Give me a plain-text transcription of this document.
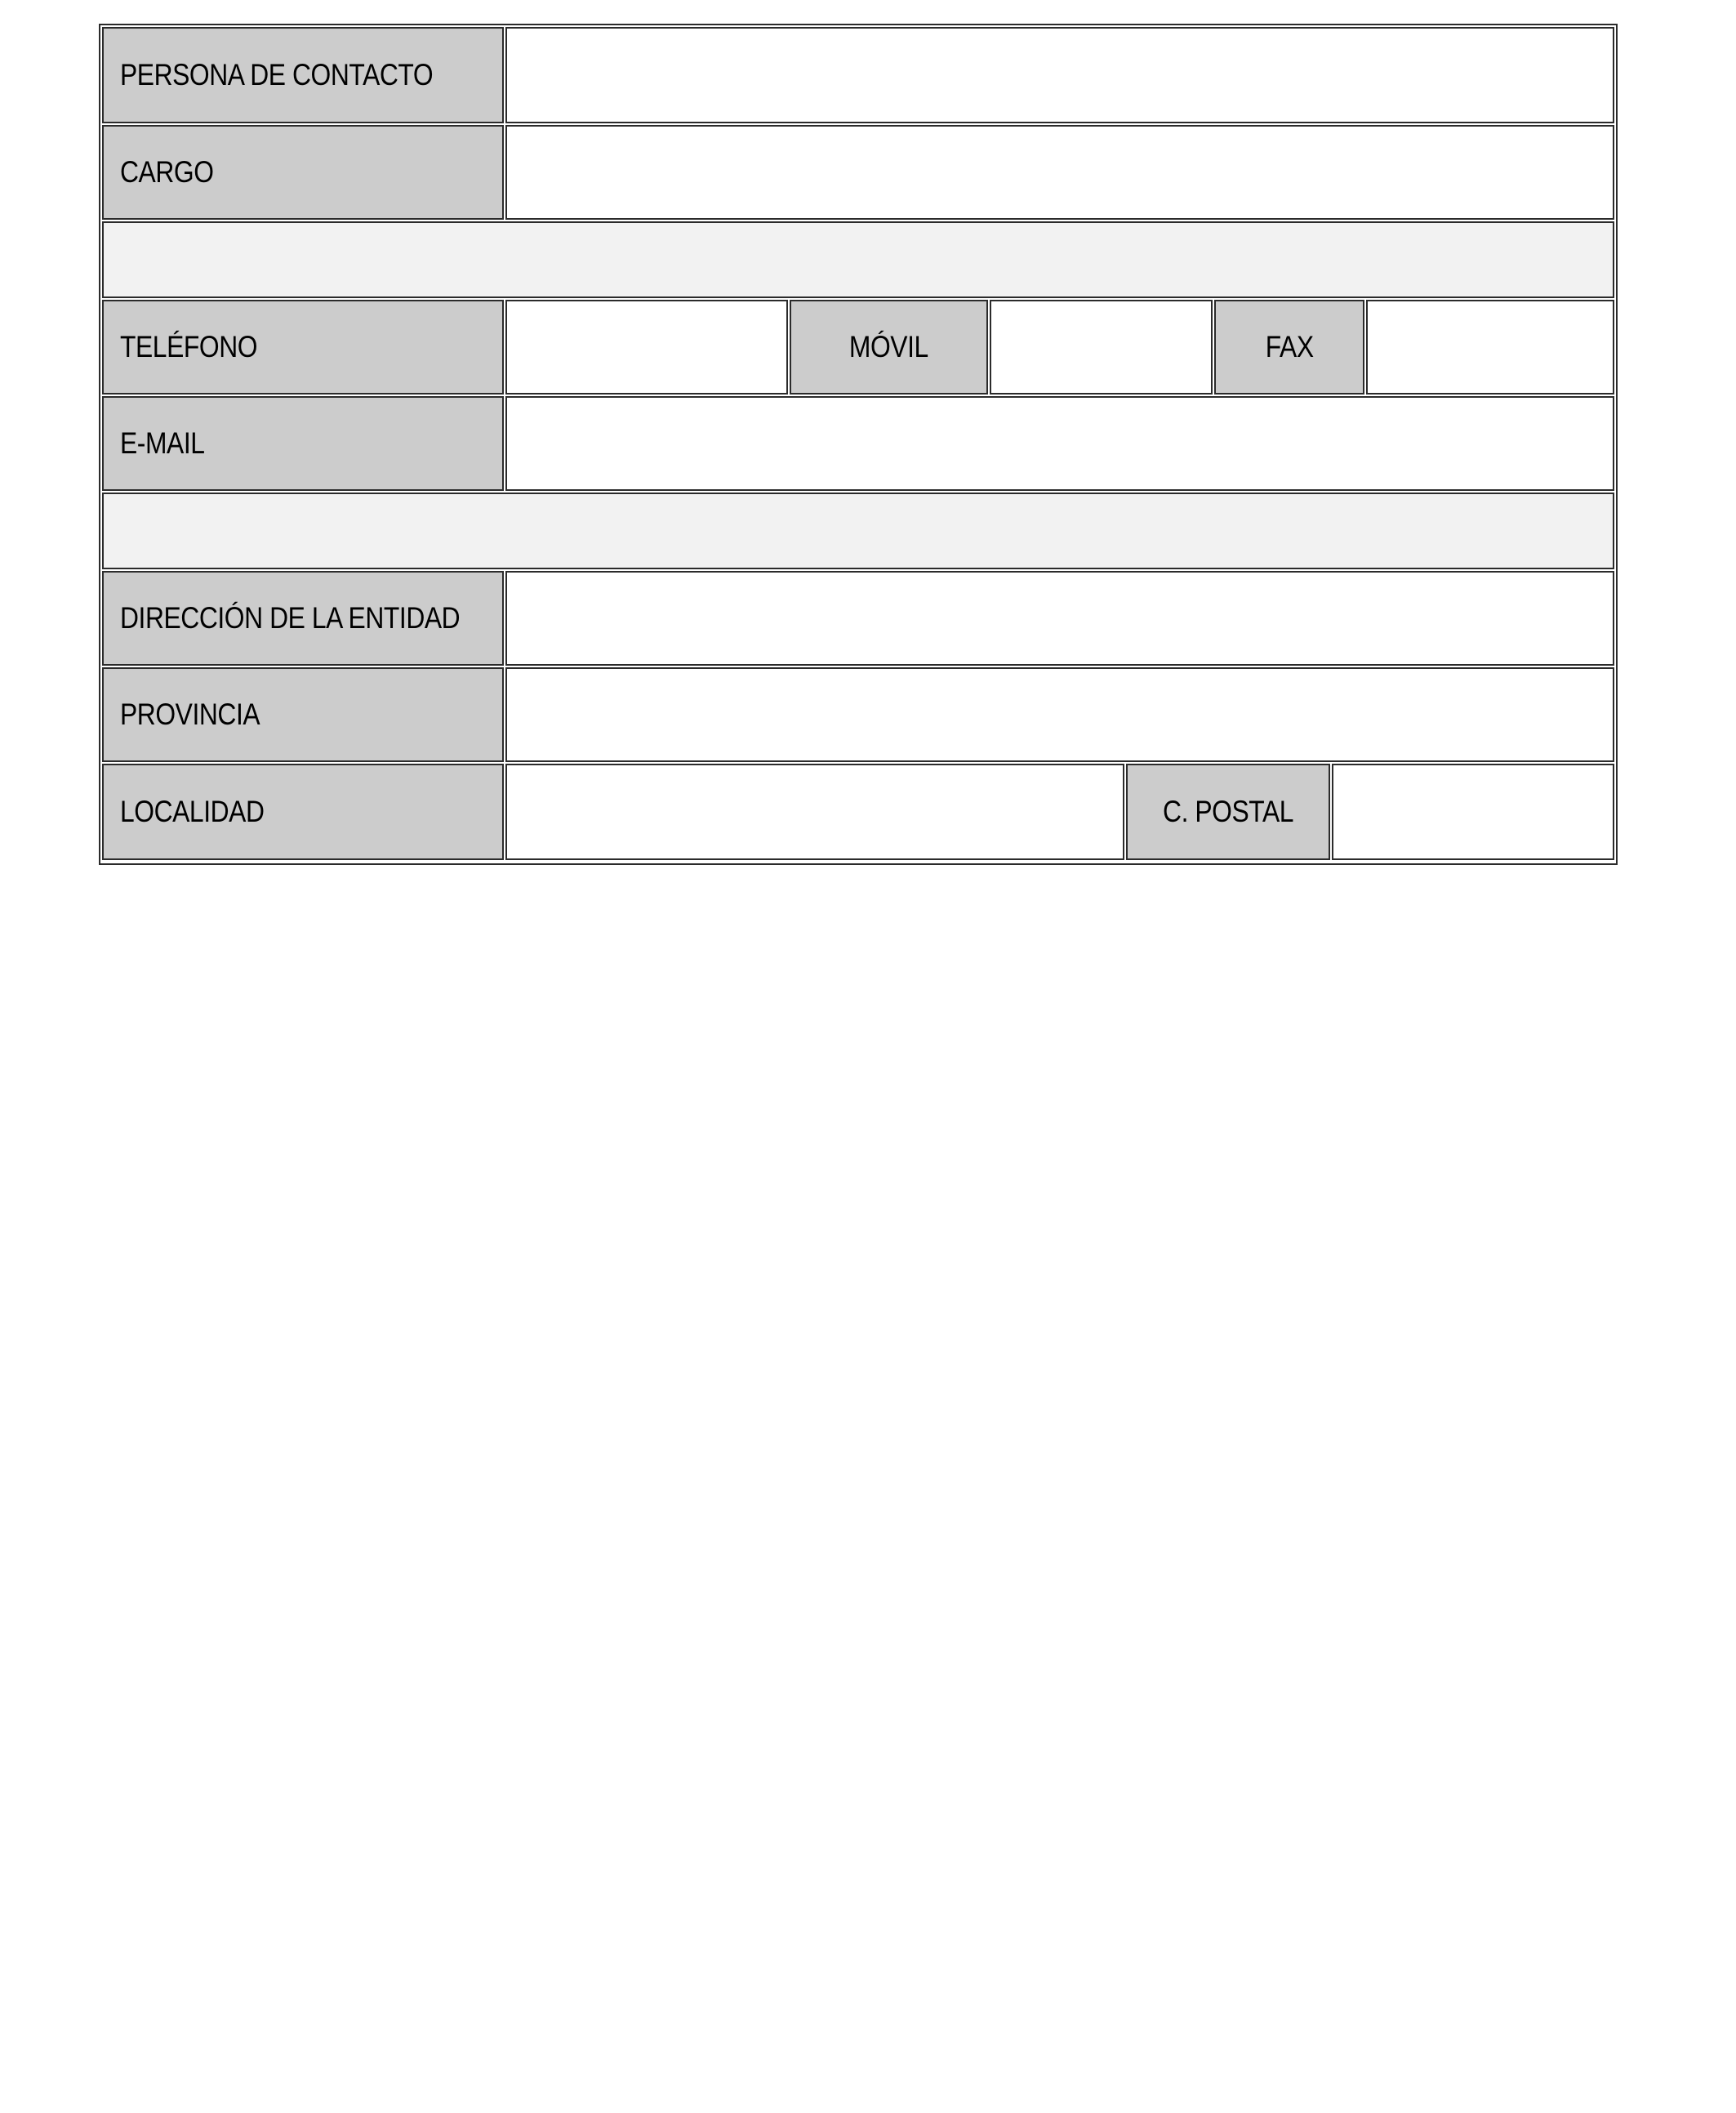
PERSONA DE CONTACTO
CARGO
TELÉFONO	MÓVIL	FAX
E-MAIL
DIRECCIÓN DE LA ENTIDAD
PROVINCIA
LOCALIDAD	C. POSTAL
